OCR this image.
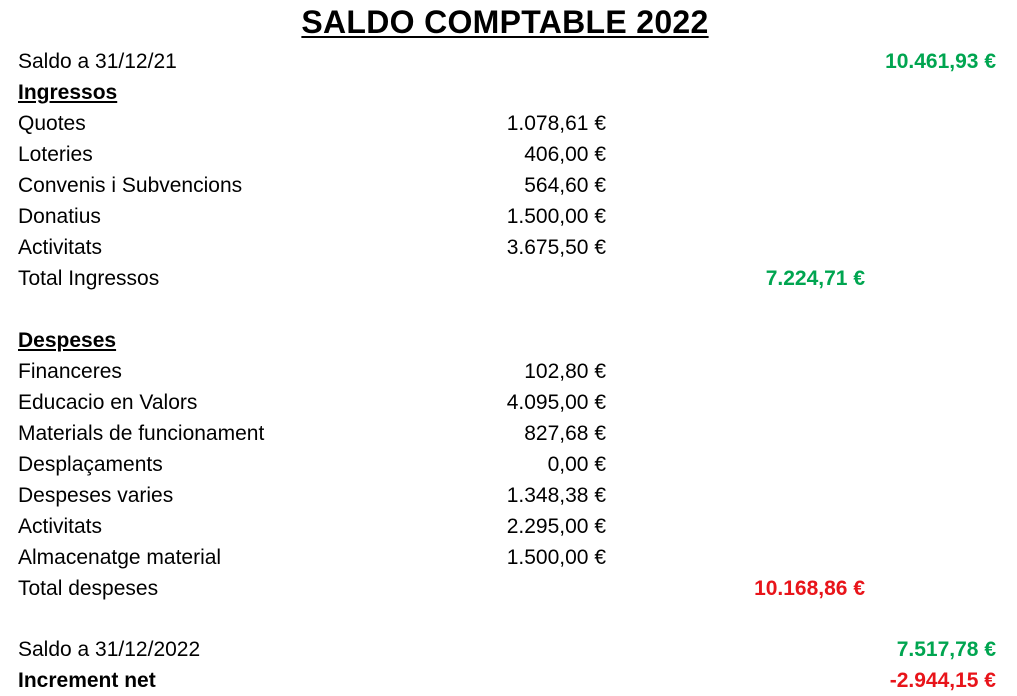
SALDO COMPTABLE 2022
Saldo a 31/12/21	10.461,93 €
Ingressos
Quotes	1.078,61 €
Loteries	406,00 €
Convenis i Subvencions	564,60 €
Donatius	1.500,00 €
Activitats	3.675,50 €
Total Ingressos	7.224,71 €
Despeses
Financeres	102,80 €
Educacio en Valors	4.095,00 €
Materials de funcionament	827,68 €
Desplaçaments	0,00 €
Despeses varies	1.348,38 €
Activitats	2.295,00 €
Almacenatge material	1.500,00 €
Total despeses	10.168,86 €
Saldo a 31/12/2022	7.517,78 €
Increment net	-2.944,15 €
